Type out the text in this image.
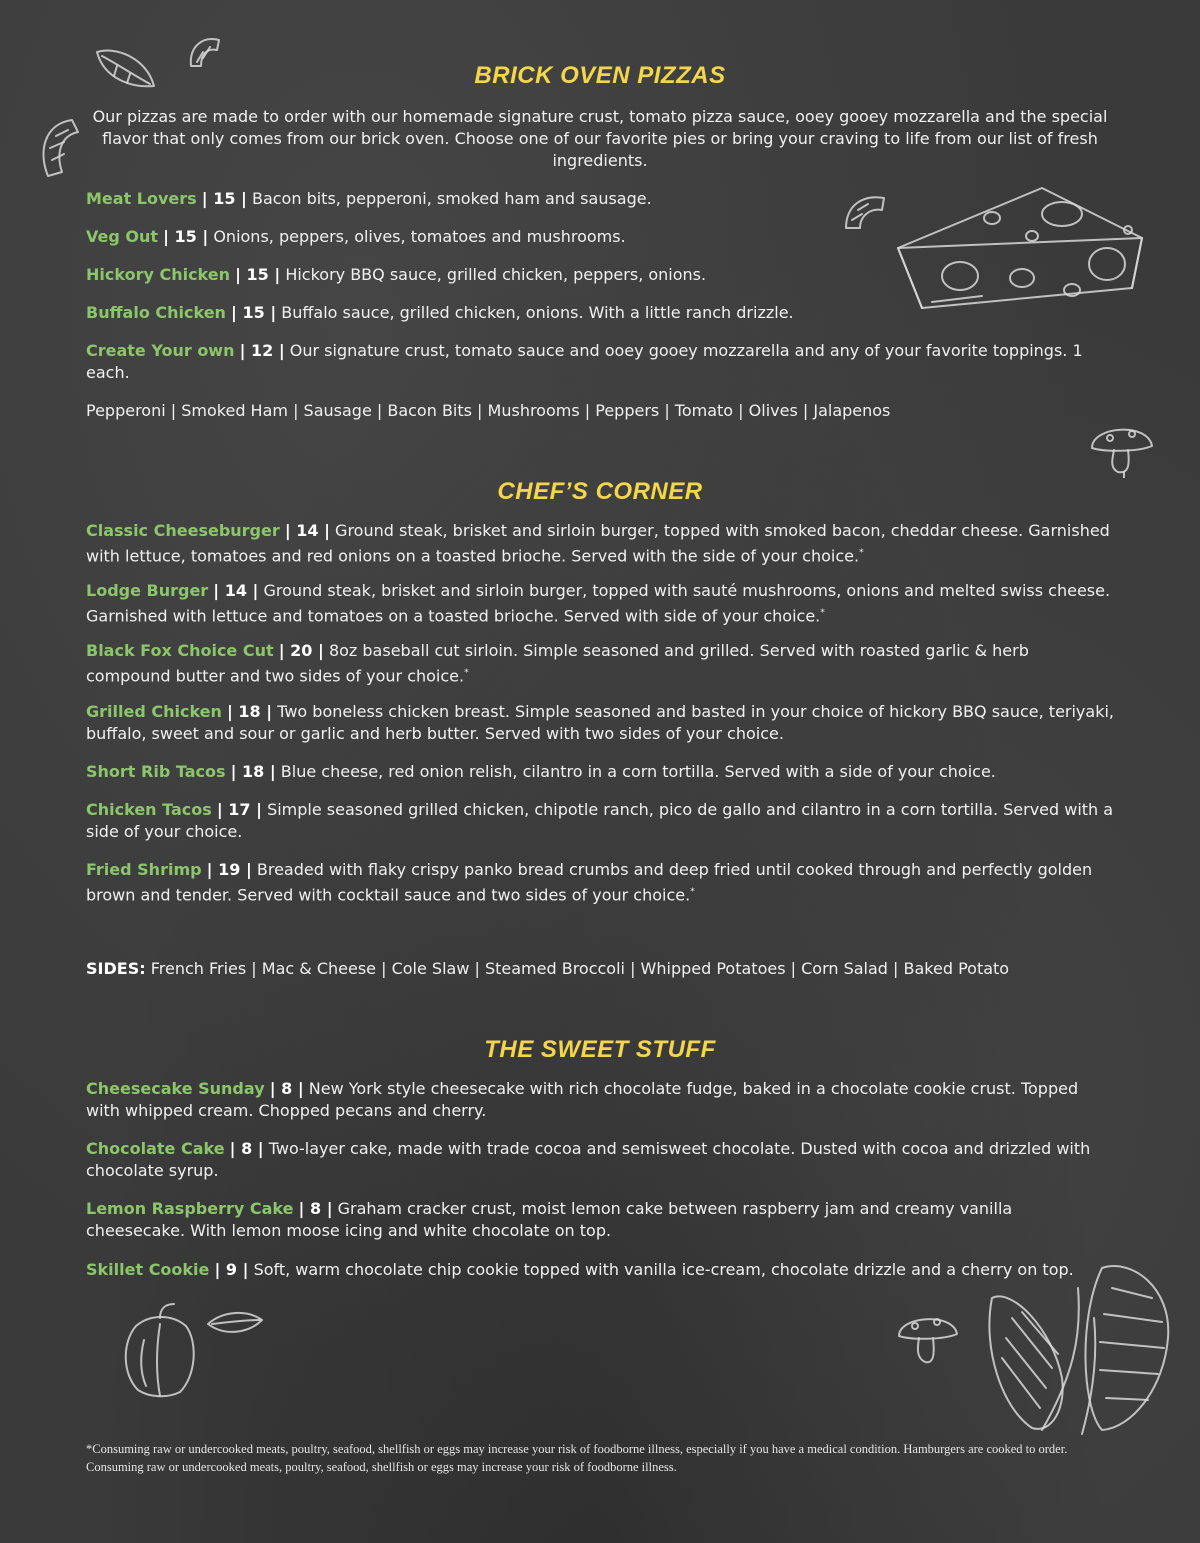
BRICK OVEN PIZZAS

Our pizzas are made to order with our homemade signature crust, tomato pizza sauce, ooey gooey mozzarella and the special flavor that only comes from our brick oven. Choose one of our favorite pies or bring your craving to life from our list of fresh ingredients.

Meat Lovers | 15 | Bacon bits, pepperoni, smoked ham and sausage.

Veg Out | 15 | Onions, peppers, olives, tomatoes and mushrooms.

Hickory Chicken | 15 | Hickory BBQ sauce, grilled chicken, peppers, onions.

Buffalo Chicken | 15 | Buffalo sauce, grilled chicken, onions. With a little ranch drizzle.

Create Your own | 12 | Our signature crust, tomato sauce and ooey gooey mozzarella and any of your favorite toppings. 1 each.

Pepperoni | Smoked Ham | Sausage | Bacon Bits | Mushrooms | Peppers | Tomato | Olives | Jalapenos

CHEF’S CORNER

Classic Cheeseburger | 14 | Ground steak, brisket and sirloin burger, topped with smoked bacon, cheddar cheese. Garnished with lettuce, tomatoes and red onions on a toasted brioche. Served with the side of your choice.*

Lodge Burger | 14 | Ground steak, brisket and sirloin burger, topped with sauté mushrooms, onions and melted swiss cheese. Garnished with lettuce and tomatoes on a toasted brioche. Served with side of your choice.*

Black Fox Choice Cut | 20 | 8oz baseball cut sirloin. Simple seasoned and grilled. Served with roasted garlic & herb compound butter and two sides of your choice.*

Grilled Chicken | 18 | Two boneless chicken breast. Simple seasoned and basted in your choice of hickory BBQ sauce, teriyaki, buffalo, sweet and sour or garlic and herb butter. Served with two sides of your choice.

Short Rib Tacos | 18 | Blue cheese, red onion relish, cilantro in a corn tortilla. Served with a side of your choice.

Chicken Tacos | 17 | Simple seasoned grilled chicken, chipotle ranch, pico de gallo and cilantro in a corn tortilla. Served with a side of your choice.

Fried Shrimp | 19 | Breaded with flaky crispy panko bread crumbs and deep fried until cooked through and perfectly golden brown and tender. Served with cocktail sauce and two sides of your choice.*

SIDES: French Fries | Mac & Cheese | Cole Slaw | Steamed Broccoli | Whipped Potatoes | Corn Salad | Baked Potato

THE SWEET STUFF

Cheesecake Sunday | 8 | New York style cheesecake with rich chocolate fudge, baked in a chocolate cookie crust. Topped with whipped cream. Chopped pecans and cherry.

Chocolate Cake | 8 | Two-layer cake, made with trade cocoa and semisweet chocolate. Dusted with cocoa and drizzled with chocolate syrup.

Lemon Raspberry Cake | 8 | Graham cracker crust, moist lemon cake between raspberry jam and creamy vanilla cheesecake. With lemon moose icing and white chocolate on top.

Skillet Cookie | 9 | Soft, warm chocolate chip cookie topped with vanilla ice-cream, chocolate drizzle and a cherry on top.

*Consuming raw or undercooked meats, poultry, seafood, shellfish or eggs may increase your risk of foodborne illness, especially if you have a medical condition. Hamburgers are cooked to order. Consuming raw or undercooked meats, poultry, seafood, shellfish or eggs may increase your risk of foodborne illness.
